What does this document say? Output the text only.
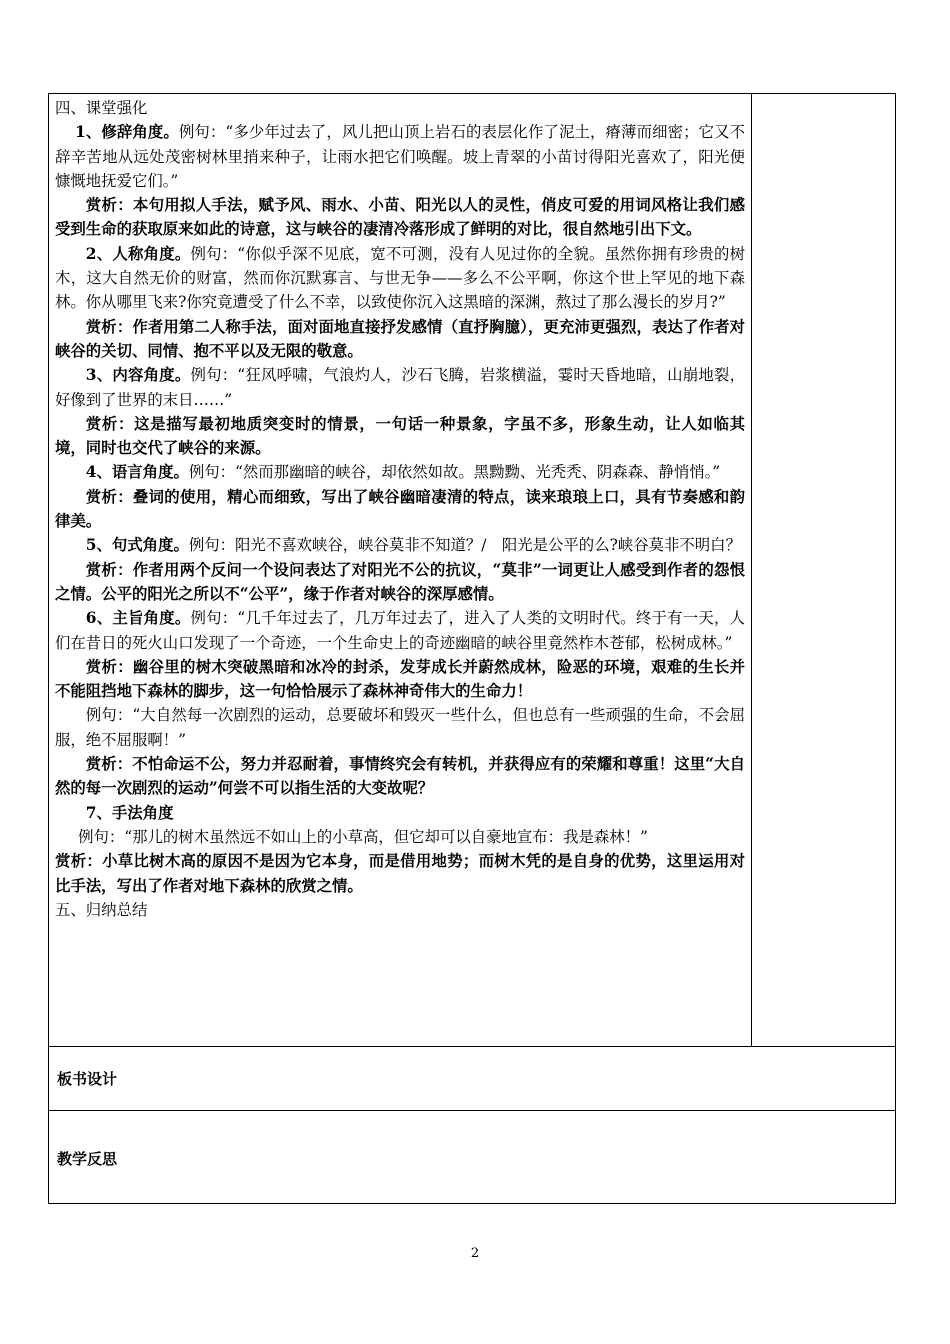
四、课堂强化

1、修辞角度。例句：“多少年过去了，风儿把山顶上岩石的表层化作了泥土，瘠薄而细密；它又不辞辛苦地从远处茂密树林里捎来种子，让雨水把它们唤醒。坡上青翠的小苗讨得阳光喜欢了，阳光便慷慨地抚爱它们。”

赏析：本句用拟人手法，赋予风、雨水、小苗、阳光以人的灵性，俏皮可爱的用词风格让我们感受到生命的获取原来如此的诗意，这与峡谷的凄清冷落形成了鲜明的对比，很自然地引出下文。

2、人称角度。例句：“你似乎深不见底，宽不可测，没有人见过你的全貌。虽然你拥有珍贵的树木，这大自然无价的财富，然而你沉默寡言、与世无争——多么不公平啊，你这个世上罕见的地下森林。你从哪里飞来?你究竟遭受了什么不幸，以致使你沉入这黑暗的深渊，熬过了那么漫长的岁月?”

赏析：作者用第二人称手法，面对面地直接抒发感情（直抒胸臆），更充沛更强烈，表达了作者对峡谷的关切、同情、抱不平以及无限的敬意。

3、内容角度。例句：“狂风呼啸，气浪灼人，沙石飞腾，岩浆横溢，霎时天昏地暗，山崩地裂，好像到了世界的末日……”

赏析：这是描写最初地质突变时的情景，一句话一种景象，字虽不多，形象生动，让人如临其境，同时也交代了峡谷的来源。

4、语言角度。例句：“然而那幽暗的峡谷，却依然如故。黑黝黝、光秃秃、阴森森、静悄悄。”

赏析：叠词的使用，精心而细致，写出了峡谷幽暗凄清的特点，读来琅琅上口，具有节奏感和韵律美。

5、句式角度。例句：阳光不喜欢峡谷，峡谷莫非不知道？/　阳光是公平的么?峡谷莫非不明白？

赏析：作者用两个反问一个设问表达了对阳光不公的抗议，“莫非”一词更让人感受到作者的怨恨之情。公平的阳光之所以不“公平”，缘于作者对峡谷的深厚感情。

6、主旨角度。例句：“几千年过去了，几万年过去了，进入了人类的文明时代。终于有一天，人们在昔日的死火山口发现了一个奇迹，一个生命史上的奇迹幽暗的峡谷里竟然柞木苍郁，松树成林。”

赏析：幽谷里的树木突破黑暗和冰冷的封杀，发芽成长并蔚然成林，险恶的环境，艰难的生长并不能阻挡地下森林的脚步，这一句恰恰展示了森林神奇伟大的生命力！

例句：“大自然每一次剧烈的运动，总要破坏和毁灭一些什么，但也总有一些顽强的生命，不会屈服，绝不屈服啊！”

赏析：不怕命运不公，努力并忍耐着，事情终究会有转机，并获得应有的荣耀和尊重！这里“大自然的每一次剧烈的运动”何尝不可以指生活的大变故呢？

7、手法角度

例句：“那儿的树木虽然远不如山上的小草高，但它却可以自豪地宣布：我是森林！”

赏析：小草比树木高的原因不是因为它本身，而是借用地势；而树木凭的是自身的优势，这里运用对比手法，写出了作者对地下森林的欣赏之情。

五、归纳总结

板书设计
教学反思
2
